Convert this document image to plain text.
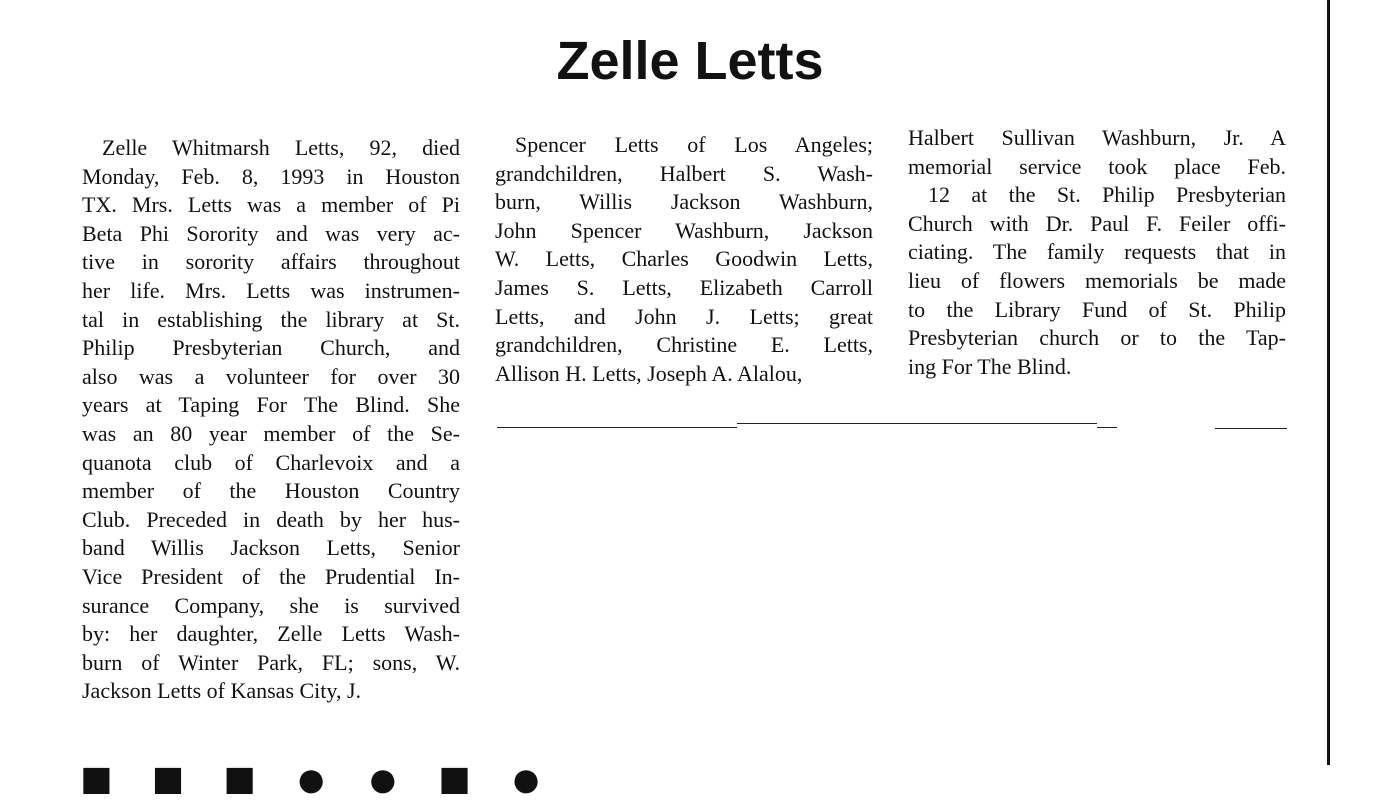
Zelle Letts
Zelle Whitmarsh Letts, 92, died
Monday, Feb. 8, 1993 in Houston
TX. Mrs. Letts was a member of Pi
Beta Phi Sorority and was very ac-
tive in sorority affairs throughout
her life. Mrs. Letts was instrumen-
tal in establishing the library at St.
Philip Presbyterian Church, and
also was a volunteer for over 30
years at Taping For The Blind. She
was an 80 year member of the Se-
quanota club of Charlevoix and a
member of the Houston Country
Club. Preceded in death by her hus-
band Willis Jackson Letts, Senior
Vice President of the Prudential In-
surance Company, she is survived
by: her daughter, Zelle Letts Wash-
burn of Winter Park, FL; sons, W.
Jackson Letts of Kansas City, J.
Spencer Letts of Los Angeles;
grandchildren, Halbert S. Wash-
burn, Willis Jackson Washburn,
John Spencer Washburn, Jackson
W. Letts, Charles Goodwin Letts,
James S. Letts, Elizabeth Carroll
Letts, and John J. Letts; great
grandchildren, Christine E. Letts,
Allison H. Letts, Joseph A. Alalou,
Halbert Sullivan Washburn, Jr. A
memorial service took place Feb.
12 at the St. Philip Presbyterian
Church with Dr. Paul F. Feiler offi-
ciating. The family requests that in
lieu of flowers memorials be made
to the Library Fund of St. Philip
Presbyterian church or to the Tap-
ing For The Blind.
■ ■ ■ ● ● ■ ●
